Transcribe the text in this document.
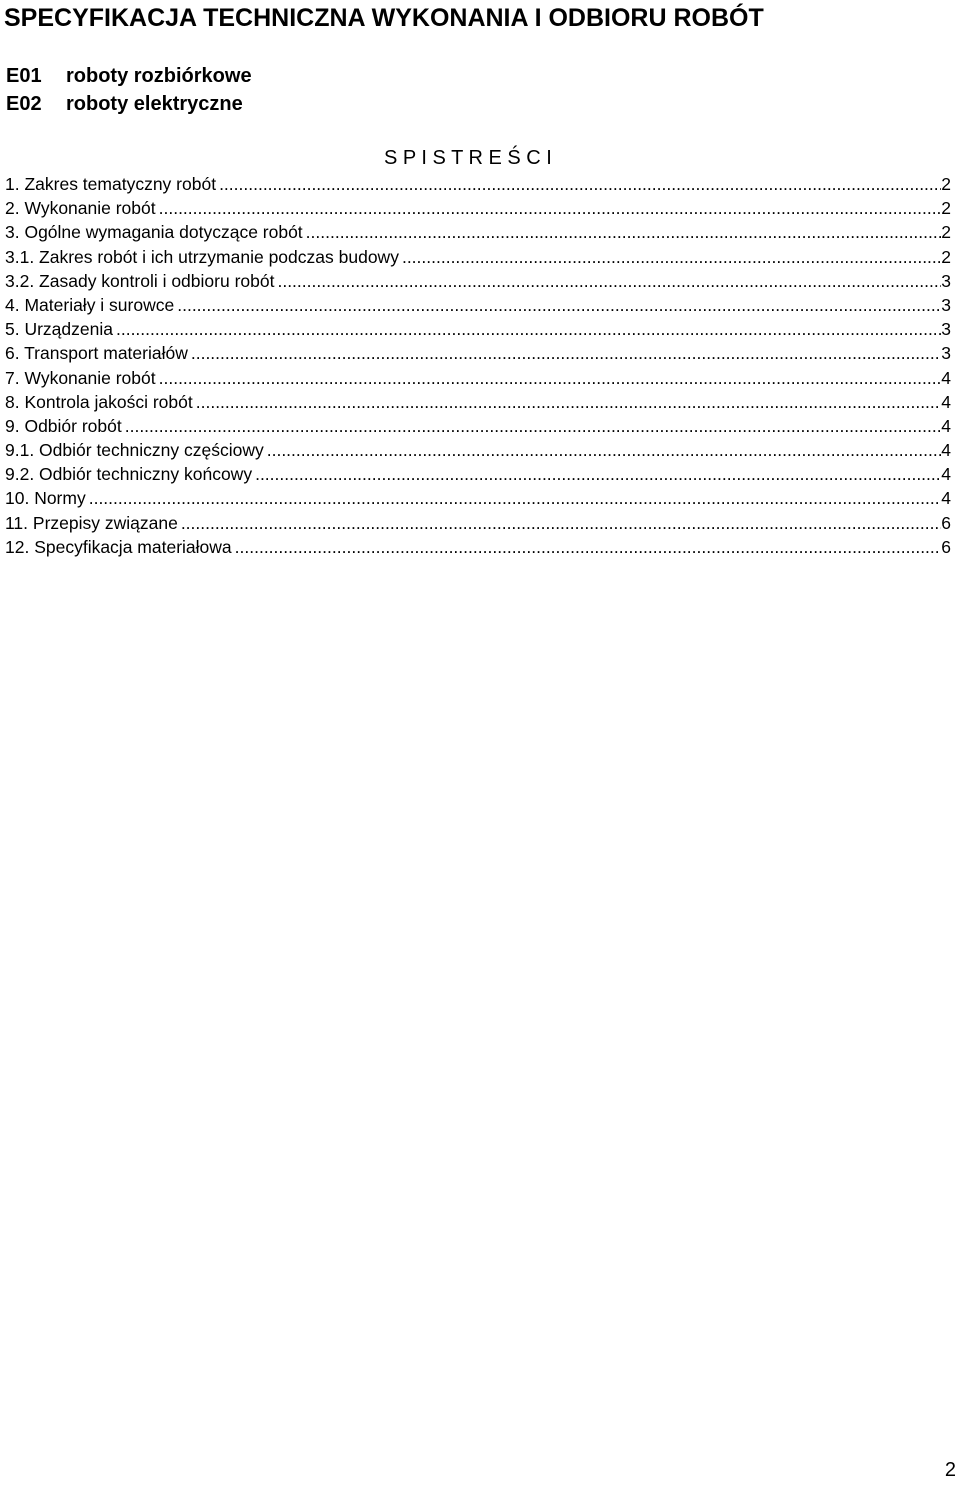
SPECYFIKACJA TECHNICZNA WYKONANIA I ODBIORU ROBÓT
E01	roboty rozbiórkowe
E02	roboty elektryczne
S P I S T R E Ś C I
1. Zakres tematyczny robót .....	2
2. Wykonanie robót .....	2
3. Ogólne wymagania dotyczące robót .....	2
3.1. Zakres robót i ich utrzymanie podczas budowy .....	2
3.2. Zasady kontroli i odbioru robót .....	3
4. Materiały i surowce .....	3
5. Urządzenia .....	3
6. Transport materiałów .....	3
7. Wykonanie robót .....	4
8. Kontrola jakości robót .....	4
9. Odbiór robót .....	4
9.1. Odbiór techniczny częściowy .....	4
9.2. Odbiór techniczny końcowy .....	4
10. Normy .....	4
11. Przepisy związane .....	6
12. Specyfikacja materiałowa .....	6
2
